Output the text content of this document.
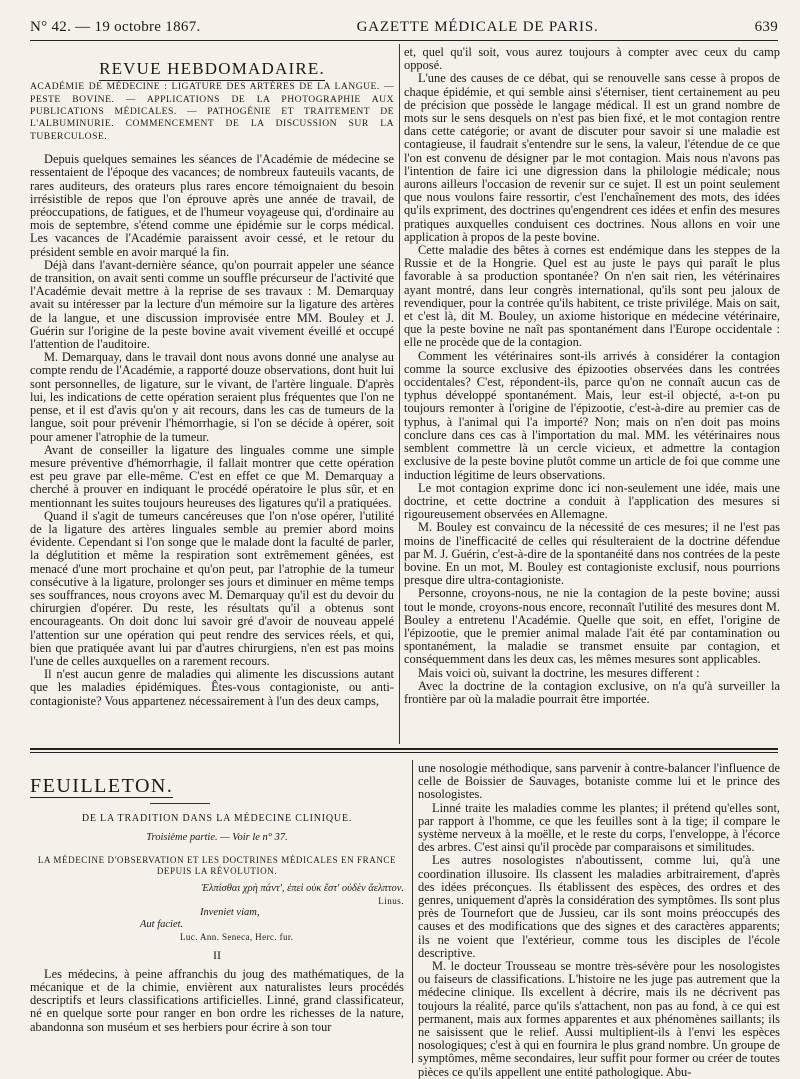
N° 42. — 19 octobre 1867.	GAZETTE MÉDICALE DE PARIS.	639
REVUE HEBDOMADAIRE.
ACADÉMIE DE MÉDECINE : LIGATURE DES ARTÈRES DE LA LANGUE. — PESTE BOVINE. — APPLICATIONS DE LA PHOTOGRAPHIE AUX PUBLICATIONS MÉDICALES. — PATHOGÉNIE ET TRAITEMENT DE L'ALBUMINURIE. COMMENCEMENT DE LA DISCUSSION SUR LA TUBERCULOSE.

Depuis quelques semaines les séances de l'Académie de médecine se ressentaient de l'époque des vacances; de nombreux fauteuils vacants, de rares auditeurs, des orateurs plus rares encore témoignaient du besoin irrésistible de repos que l'on éprouve après une année de travail, de préoccupations, de fatigues, et de l'humeur voyageuse qui, d'ordinaire au mois de septembre, s'étend comme une épidémie sur le corps médical. Les vacances de l'Académie paraissent avoir cessé, et le retour du président semble en avoir marqué la fin.

Déjà dans l'avant-dernière séance, qu'on pourrait appeler une séance de transition, on avait senti comme un souffle précurseur de l'activité que l'Académie devait mettre à la reprise de ses travaux : M. Demarquay avait su intéresser par la lecture d'un mémoire sur la ligature des artères de la langue, et une discussion improvisée entre MM. Bouley et J. Guérin sur l'origine de la peste bovine avait vivement éveillé et occupé l'attention de l'auditoire.

M. Demarquay, dans le travail dont nous avons donné une analyse au compte rendu de l'Académie, a rapporté douze observations, dont huit lui sont personnelles, de ligature, sur le vivant, de l'artère linguale. D'après lui, les indications de cette opération seraient plus fréquentes que l'on ne pense, et il est d'avis qu'on y ait recours, dans les cas de tumeurs de la langue, soit pour prévenir l'hémorrhagie, si l'on se décide à opérer, soit pour amener l'atrophie de la tumeur.

Avant de conseiller la ligature des linguales comme une simple mesure préventive d'hémorrhagie, il fallait montrer que cette opération est peu grave par elle-même. C'est en effet ce que M. Demarquay a cherché à prouver en indiquant le procédé opératoire le plus sûr, et en mentionnant les suites toujours heureuses des ligatures qu'il a pratiquées.

Quand il s'agit de tumeurs cancéreuses que l'on n'ose opérer, l'utilité de la ligature des artères linguales semble au premier abord moins évidente. Cependant si l'on songe que le malade dont la faculté de parler, la déglutition et même la respiration sont extrêmement gênées, est menacé d'une mort prochaine et qu'on peut, par l'atrophie de la tumeur consécutive à la ligature, prolonger ses jours et diminuer en même temps ses souffrances, nous croyons avec M. Demarquay qu'il est du devoir du chirurgien d'opérer. Du reste, les résultats qu'il a obtenus sont encourageants. On doit donc lui savoir gré d'avoir de nouveau appelé l'attention sur une opération qui peut rendre des services réels, et qui, bien que pratiquée avant lui par d'autres chirurgiens, n'en est pas moins l'une de celles auxquelles on a rarement recours.

Il n'est aucun genre de maladies qui alimente les discussions autant que les maladies épidémiques. Êtes-vous contagioniste, ou anti-contagioniste? Vous appartenez nécessairement à l'un des deux camps,

et, quel qu'il soit, vous aurez toujours à compter avec ceux du camp opposé.

L'une des causes de ce débat, qui se renouvelle sans cesse à propos de chaque épidémie, et qui semble ainsi s'éterniser, tient certainement au peu de précision que possède le langage médical. Il est un grand nombre de mots sur le sens desquels on n'est pas bien fixé, et le mot contagion rentre dans cette catégorie; or avant de discuter pour savoir si une maladie est contagieuse, il faudrait s'entendre sur le sens, la valeur, l'étendue de ce que l'on est convenu de désigner par le mot contagion. Mais nous n'avons pas l'intention de faire ici une digression dans la philologie médicale; nous aurons ailleurs l'occasion de revenir sur ce sujet. Il est un point seulement que nous voulons faire ressortir, c'est l'enchaînement des mots, des idées qu'ils expriment, des doctrines qu'engendrent ces idées et enfin des mesures pratiques auxquelles conduisent ces doctrines. Nous allons en voir une application à propos de la peste bovine.

Cette maladie des bêtes à cornes est endémique dans les steppes de la Russie et de la Hongrie. Quel est au juste le pays qui paraît le plus favorable à sa production spontanée? On n'en sait rien, les vétérinaires ayant montré, dans leur congrès international, qu'ils sont peu jaloux de revendiquer, pour la contrée qu'ils habitent, ce triste privilége. Mais on sait, et c'est là, dit M. Bouley, un axiome historique en médecine vétérinaire, que la peste bovine ne naît pas spontanément dans l'Europe occidentale : elle ne procède que de la contagion.

Comment les vétérinaires sont-ils arrivés à considérer la contagion comme la source exclusive des épizooties observées dans les contrées occidentales? C'est, répondent-ils, parce qu'on ne connaît aucun cas de typhus développé spontanément. Mais, leur est-il objecté, a-t-on pu toujours remonter à l'origine de l'épizootie, c'est-à-dire au premier cas de typhus, à l'animal qui l'a importé? Non; mais on n'en doit pas moins conclure dans ces cas à l'importation du mal. MM. les vétérinaires nous semblent commettre là un cercle vicieux, et admettre la contagion exclusive de la peste bovine plutôt comme un article de foi que comme une induction légitime de leurs observations.

Le mot contagion exprime donc ici non-seulement une idée, mais une doctrine, et cette doctrine a conduit à l'application des mesures si rigoureusement observées en Allemagne.

M. Bouley est convaincu de la nécessité de ces mesures; il ne l'est pas moins de l'inefficacité de celles qui résulteraient de la doctrine défendue par M. J. Guérin, c'est-à-dire de la spontanéité dans nos contrées de la peste bovine. En un mot, M. Bouley est contagioniste exclusif, nous pourrions presque dire ultra-contagioniste.

Personne, croyons-nous, ne nie la contagion de la peste bovine; aussi tout le monde, croyons-nous encore, reconnaît l'utilité des mesures dont M. Bouley a entretenu l'Académie. Quelle que soit, en effet, l'origine de l'épizootie, que le premier animal malade l'ait été par contamination ou spontanément, la maladie se transmet ensuite par contagion, et conséquemment dans les deux cas, les mêmes mesures sont applicables.

Mais voici où, suivant la doctrine, les mesures different :

Avec la doctrine de la contagion exclusive, on n'a qu'à surveiller la frontière par où la maladie pourrait être importée.

FEUILLETON.
DE LA TRADITION DANS LA MÉDECINE CLINIQUE.
Troisième partie. — Voir le n° 37.
LA MÉDECINE D'OBSERVATION ET LES DOCTRINES MÉDICALES EN FRANCE DEPUIS LA RÉVOLUTION.
Ἐλπίσθαι χρὴ πάντ', ἐπεὶ οὐκ ἔστ' οὐδὲν ἄελπτον.
Linus.
Inveniet viam,
Aut faciet.
Luc. Ann. Seneca, Herc. fur.
II

Les médecins, à peine affranchis du joug des mathématiques, de la mécanique et de la chimie, envièrent aux naturalistes leurs procédés descriptifs et leurs classifications artificielles. Linné, grand classificateur, né en quelque sorte pour ranger en bon ordre les richesses de la nature, abandonna son muséum et ses herbiers pour écrire à son tour

une nosologie méthodique, sans parvenir à contre-balancer l'influence de celle de Boissier de Sauvages, botaniste comme lui et le prince des nosologistes.

Linné traite les maladies comme les plantes; il prétend qu'elles sont, par rapport à l'homme, ce que les feuilles sont à la tige; il compare le système nerveux à la moëlle, et le reste du corps, l'enveloppe, à l'écorce des arbres. C'est ainsi qu'il procède par comparaisons et similitudes.

Les autres nosologistes n'aboutissent, comme lui, qu'à une coordination illusoire. Ils classent les maladies arbitrairement, d'après des idées préconçues. Ils établissent des espèces, des ordres et des genres, uniquement d'après la considération des symptômes. Ils sont plus près de Tournefort que de Jussieu, car ils sont moins préoccupés des causes et des modifications que des signes et des caractères apparents; ils ne voient que l'extérieur, comme tous les disciples de l'école descriptive.

M. le docteur Trousseau se montre très-sévère pour les nosologistes ou faiseurs de classifications. L'histoire ne les juge pas autrement que la médecine clinique. Ils excellent à décrire, mais ils ne décrivent pas toujours la réalité, parce qu'ils s'attachent, non pas au fond, à ce qui est permanent, mais aux formes apparentes et aux phénomènes saillants; ils ne saisissent que le relief. Aussi multiplient-ils à l'envi les espèces nosologiques; c'est à qui en fournira le plus grand nombre. Un groupe de symptômes, même secondaires, leur suffit pour former ou créer de toutes pièces ce qu'ils appellent une entité pathologique. Abu-
